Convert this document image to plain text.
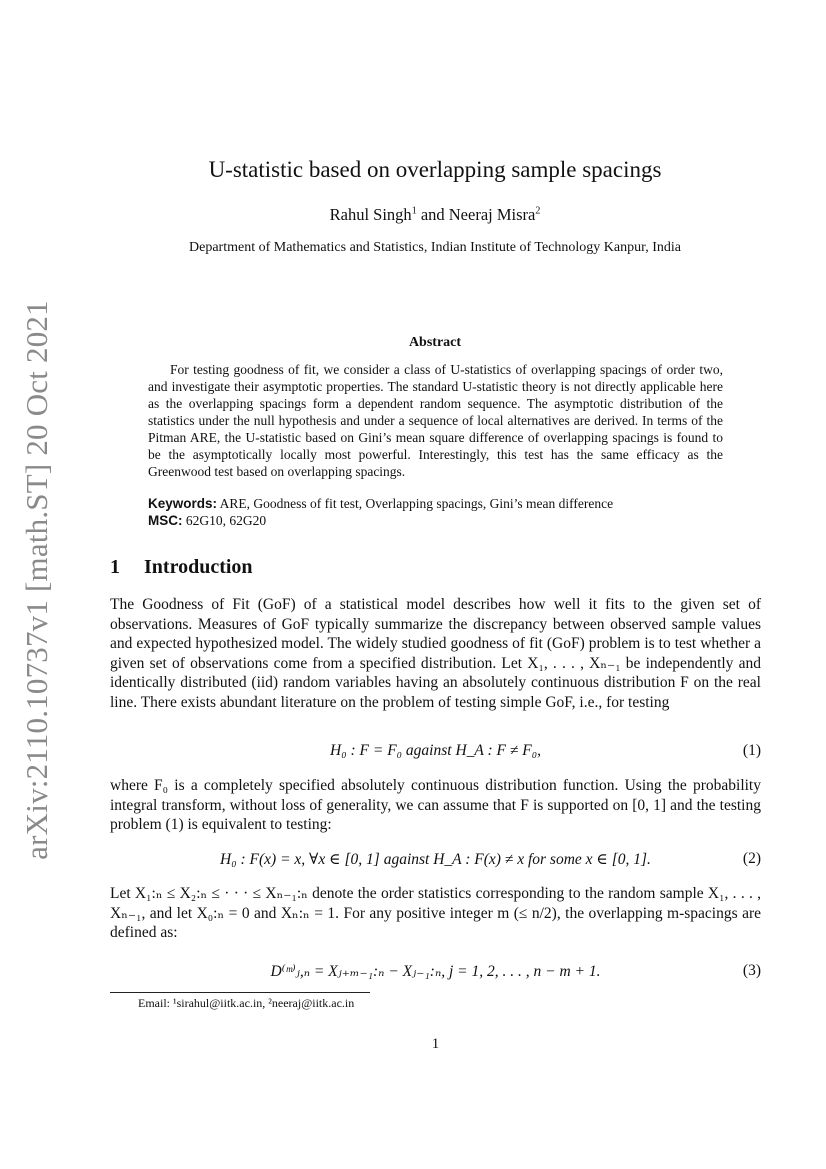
arXiv:2110.10737v1 [math.ST] 20 Oct 2021
U-statistic based on overlapping sample spacings
Rahul Singh$^1$ and Neeraj Misra$^2$
Department of Mathematics and Statistics, Indian Institute of Technology Kanpur, India
Abstract
For testing goodness of fit, we consider a class of U-statistics of overlapping spacings of order two, and investigate their asymptotic properties. The standard U-statistic theory is not directly applicable here as the overlapping spacings form a dependent random sequence. The asymptotic distribution of the statistics under the null hypothesis and under a sequence of local alternatives are derived. In terms of the Pitman ARE, the U-statistic based on Gini’s mean square difference of overlapping spacings is found to be the asymptotically locally most powerful. Interestingly, this test has the same efficacy as the Greenwood test based on overlapping spacings.
Keywords: ARE, Goodness of fit test, Overlapping spacings, Gini’s mean difference
MSC: 62G10, 62G20
1 Introduction
The Goodness of Fit (GoF) of a statistical model describes how well it fits to the given set of observations. Measures of GoF typically summarize the discrepancy between observed sample values and expected hypothesized model. The widely studied goodness of fit (GoF) problem is to test whether a given set of observations come from a specified distribution. Let X₁, . . . , Xₙ₋₁ be independently and identically distributed (iid) random variables having an absolutely continuous distribution F on the real line. There exists abundant literature on the problem of testing simple GoF, i.e., for testing
H₀ : F = F₀ against H_A : F ≠ F₀,	(1)
where F₀ is a completely specified absolutely continuous distribution function. Using the probability integral transform, without loss of generality, we can assume that F is supported on [0, 1] and the testing problem (1) is equivalent to testing:
H₀ : F(x) = x, ∀x ∈ [0, 1] against H_A : F(x) ≠ x for some x ∈ [0, 1].	(2)
Let X₁:ₙ ≤ X₂:ₙ ≤ · · · ≤ Xₙ₋₁:ₙ denote the order statistics corresponding to the random sample X₁, . . . , Xₙ₋₁, and let X₀:ₙ = 0 and Xₙ:ₙ = 1. For any positive integer m (≤ n/2), the overlapping m-spacings are defined as:
D⁽ᵐ⁾ⱼ,ₙ = Xⱼ₊ₘ₋₁:ₙ − Xⱼ₋₁:ₙ, j = 1, 2, . . . , n − m + 1.	(3)
Email: ¹sirahul@iitk.ac.in, ²neeraj@iitk.ac.in
1
